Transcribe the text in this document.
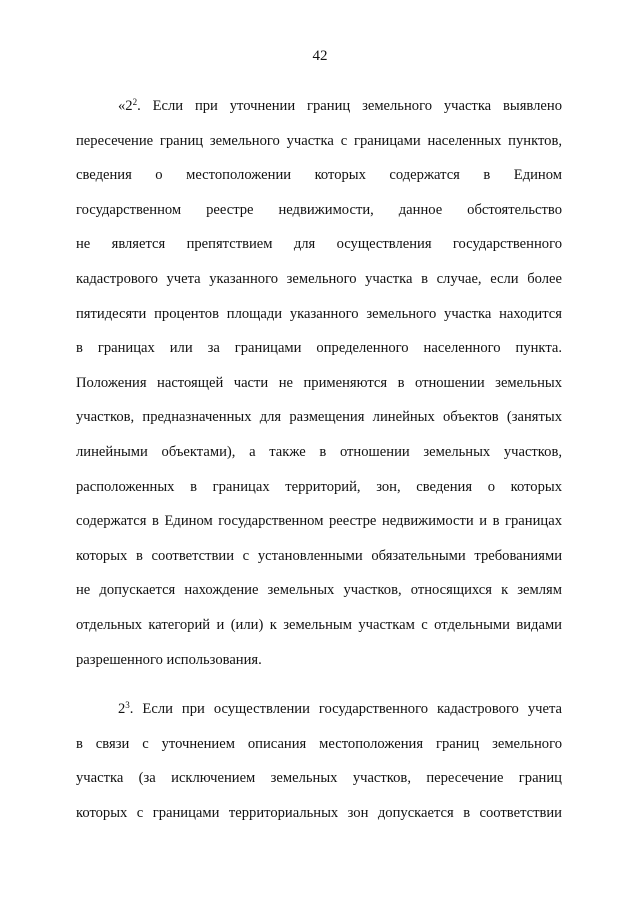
42
«$2^2$. Если при уточнении границ земельного участка выявлено
пересечение границ земельного участка с границами населенных пунктов,
сведения о местоположении которых содержатся в Едином
государственном реестре недвижимости, данное обстоятельство
не является препятствием для осуществления государственного
кадастрового учета указанного земельного участка в случае, если более
пятидесяти процентов площади указанного земельного участка находится
в границах или за границами определенного населенного пункта.
Положения настоящей части не применяются в отношении земельных
участков, предназначенных для размещения линейных объектов (занятых
линейными объектами), а также в отношении земельных участков,
расположенных в границах территорий, зон, сведения о которых
содержатся в Едином государственном реестре недвижимости и в границах
которых в соответствии с установленными обязательными требованиями
не допускается нахождение земельных участков, относящихся к землям
отдельных категорий и (или) к земельным участкам с отдельными видами
разрешенного использования.
$2^3$. Если при осуществлении государственного кадастрового учета
в связи с уточнением описания местоположения границ земельного
участка (за исключением земельных участков, пересечение границ
которых с границами территориальных зон допускается в соответствии
